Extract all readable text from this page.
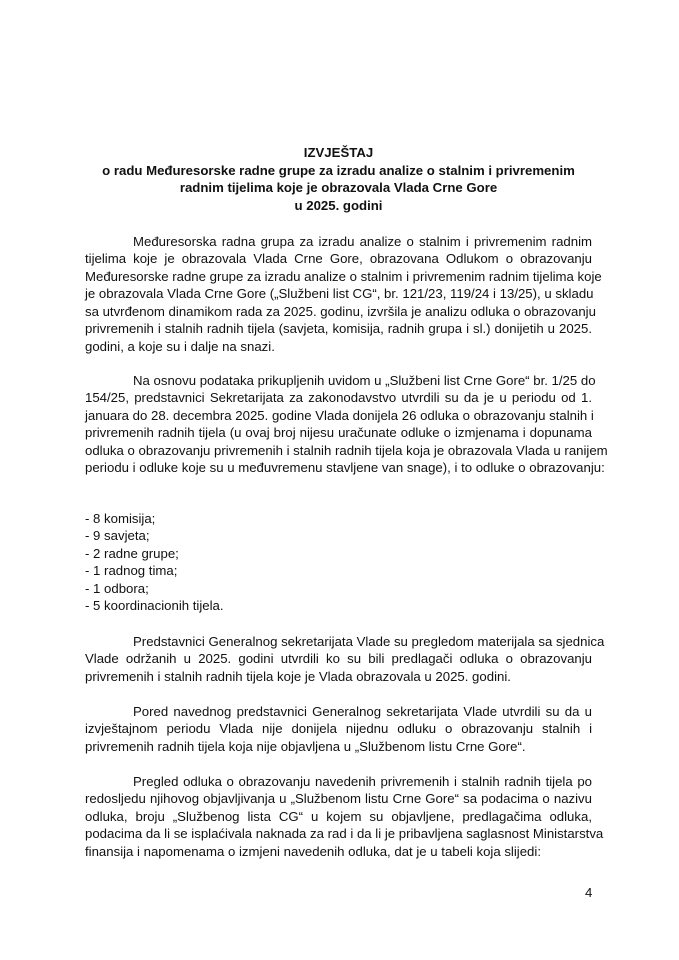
IZVJEŠTAJ
o radu Međuresorske radne grupe za izradu analize o stalnim i privremenim
radnim tijelima koje je obrazovala Vlada Crne Gore
u 2025. godini
Međuresorska radna grupa za izradu analize o stalnim i privremenim radnim
tijelima koje je obrazovala Vlada Crne Gore, obrazovana Odlukom o obrazovanju
Međuresorske radne grupe za izradu analize o stalnim i privremenim radnim tijelima koje
je obrazovala Vlada Crne Gore („Službeni list CG“, br. 121/23, 119/24 i 13/25), u skladu
sa utvrđenom dinamikom rada za 2025. godinu, izvršila je analizu odluka o obrazovanju
privremenih i stalnih radnih tijela (savjeta, komisija, radnih grupa i sl.) donijetih u 2025.
godini, a koje su i dalje na snazi.
Na osnovu podataka prikupljenih uvidom u „Službeni list Crne Gore“ br. 1/25 do
154/25, predstavnici Sekretarijata za zakonodavstvo utvrdili su da je u periodu od 1.
januara do 28. decembra 2025. godine Vlada donijela 26 odluka o obrazovanju stalnih i
privremenih radnih tijela (u ovaj broj nijesu uračunate odluke o izmjenama i dopunama
odluka o obrazovanju privremenih i stalnih radnih tijela koja je obrazovala Vlada u ranijem
periodu i odluke koje su u međuvremenu stavljene van snage), i to odluke o obrazovanju:
- 8 komisija;
- 9 savjeta;
- 2 radne grupe;
- 1 radnog tima;
- 1 odbora;
- 5 koordinacionih tijela.
Predstavnici Generalnog sekretarijata Vlade su pregledom materijala sa sjednica
Vlade održanih u 2025. godini utvrdili ko su bili predlagači odluka o obrazovanju
privremenih i stalnih radnih tijela koje je Vlada obrazovala u 2025. godini.
Pored navednog predstavnici Generalnog sekretarijata Vlade utvrdili su da u
izvještajnom periodu Vlada nije donijela nijednu odluku o obrazovanju stalnih i
privremenih radnih tijela koja nije objavljena u „Službenom listu Crne Gore“.
Pregled odluka o obrazovanju navedenih privremenih i stalnih radnih tijela po
redosljedu njihovog objavljivanja u „Službenom listu Crne Gore“ sa podacima o nazivu
odluka, broju „Službenog lista CG“ u kojem su objavljene, predlagačima odluka,
podacima da li se isplaćivala naknada za rad i da li je pribavljena saglasnost Ministarstva
finansija i napomenama o izmjeni navedenih odluka, dat je u tabeli koja slijedi:
4
